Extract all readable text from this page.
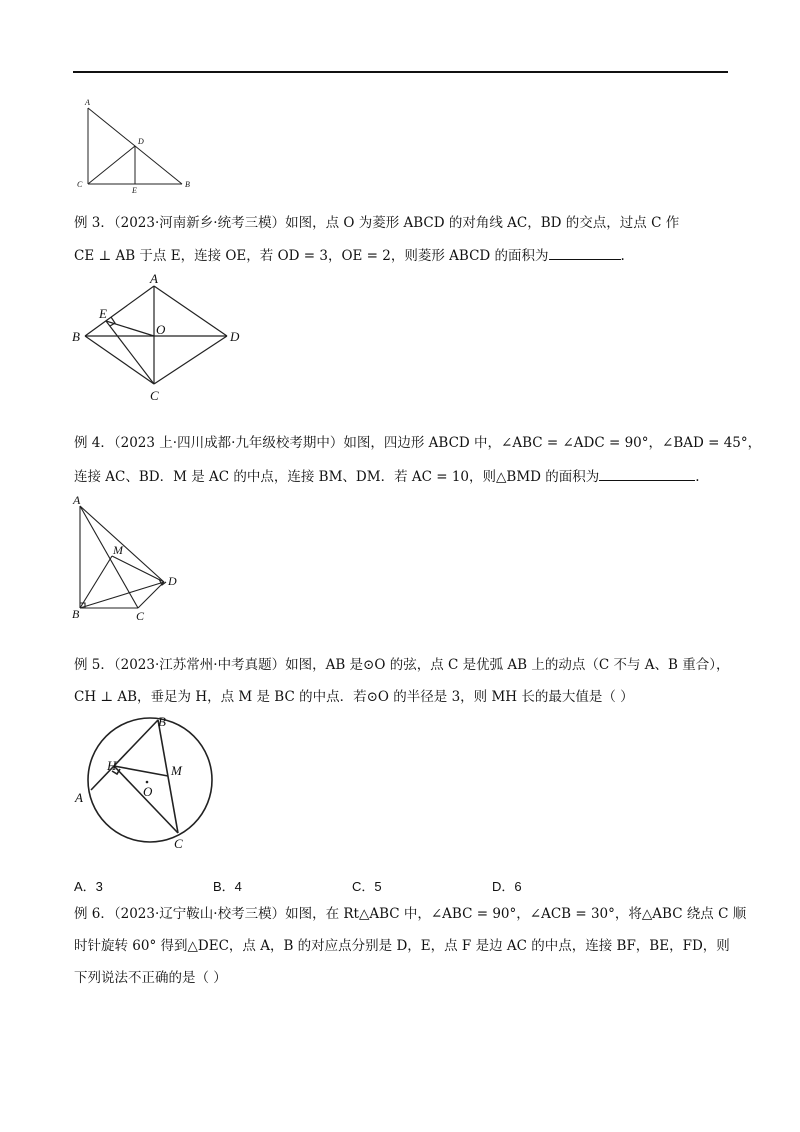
A
D
C
E
B
例 3．（2023·河南新乡·统考三模）如图，点 O 为菱形 ABCD 的对角线 AC，BD 的交点，过点 C 作
CE ⊥ AB 于点 E，连接 OE，若 OD = 3，OE = 2，则菱形 ABCD 的面积为	.
A
E
B	O	D
C
例 4．（2023 上·四川成都·九年级校考期中）如图，四边形 ABCD 中，∠ABC = ∠ADC = 90°，∠BAD = 45°，
连接 AC、BD．M 是 AC 的中点，连接 BM、DM．若 AC = 10，则△BMD 的面积为	.
A
M
D
B	C
例 5．（2023·江苏常州·中考真题）如图，AB 是⊙O 的弦，点 C 是优弧 AB 上的动点（C 不与 A、B 重合），
CH ⊥ AB，垂足为 H，点 M 是 BC 的中点．若⊙O 的半径是 3，则 MH 长的最大值是（ ）
B
H	M
O
A
C
A．3	B．4	C．5	D．6
例 6．（2023·辽宁鞍山·校考三模）如图，在 Rt△ABC 中，∠ABC = 90°，∠ACB = 30°，将△ABC 绕点 C 顺
时针旋转 60° 得到△DEC，点 A，B 的对应点分别是 D，E，点 F 是边 AC 的中点，连接 BF，BE，FD，则
下列说法不正确的是（ ）
